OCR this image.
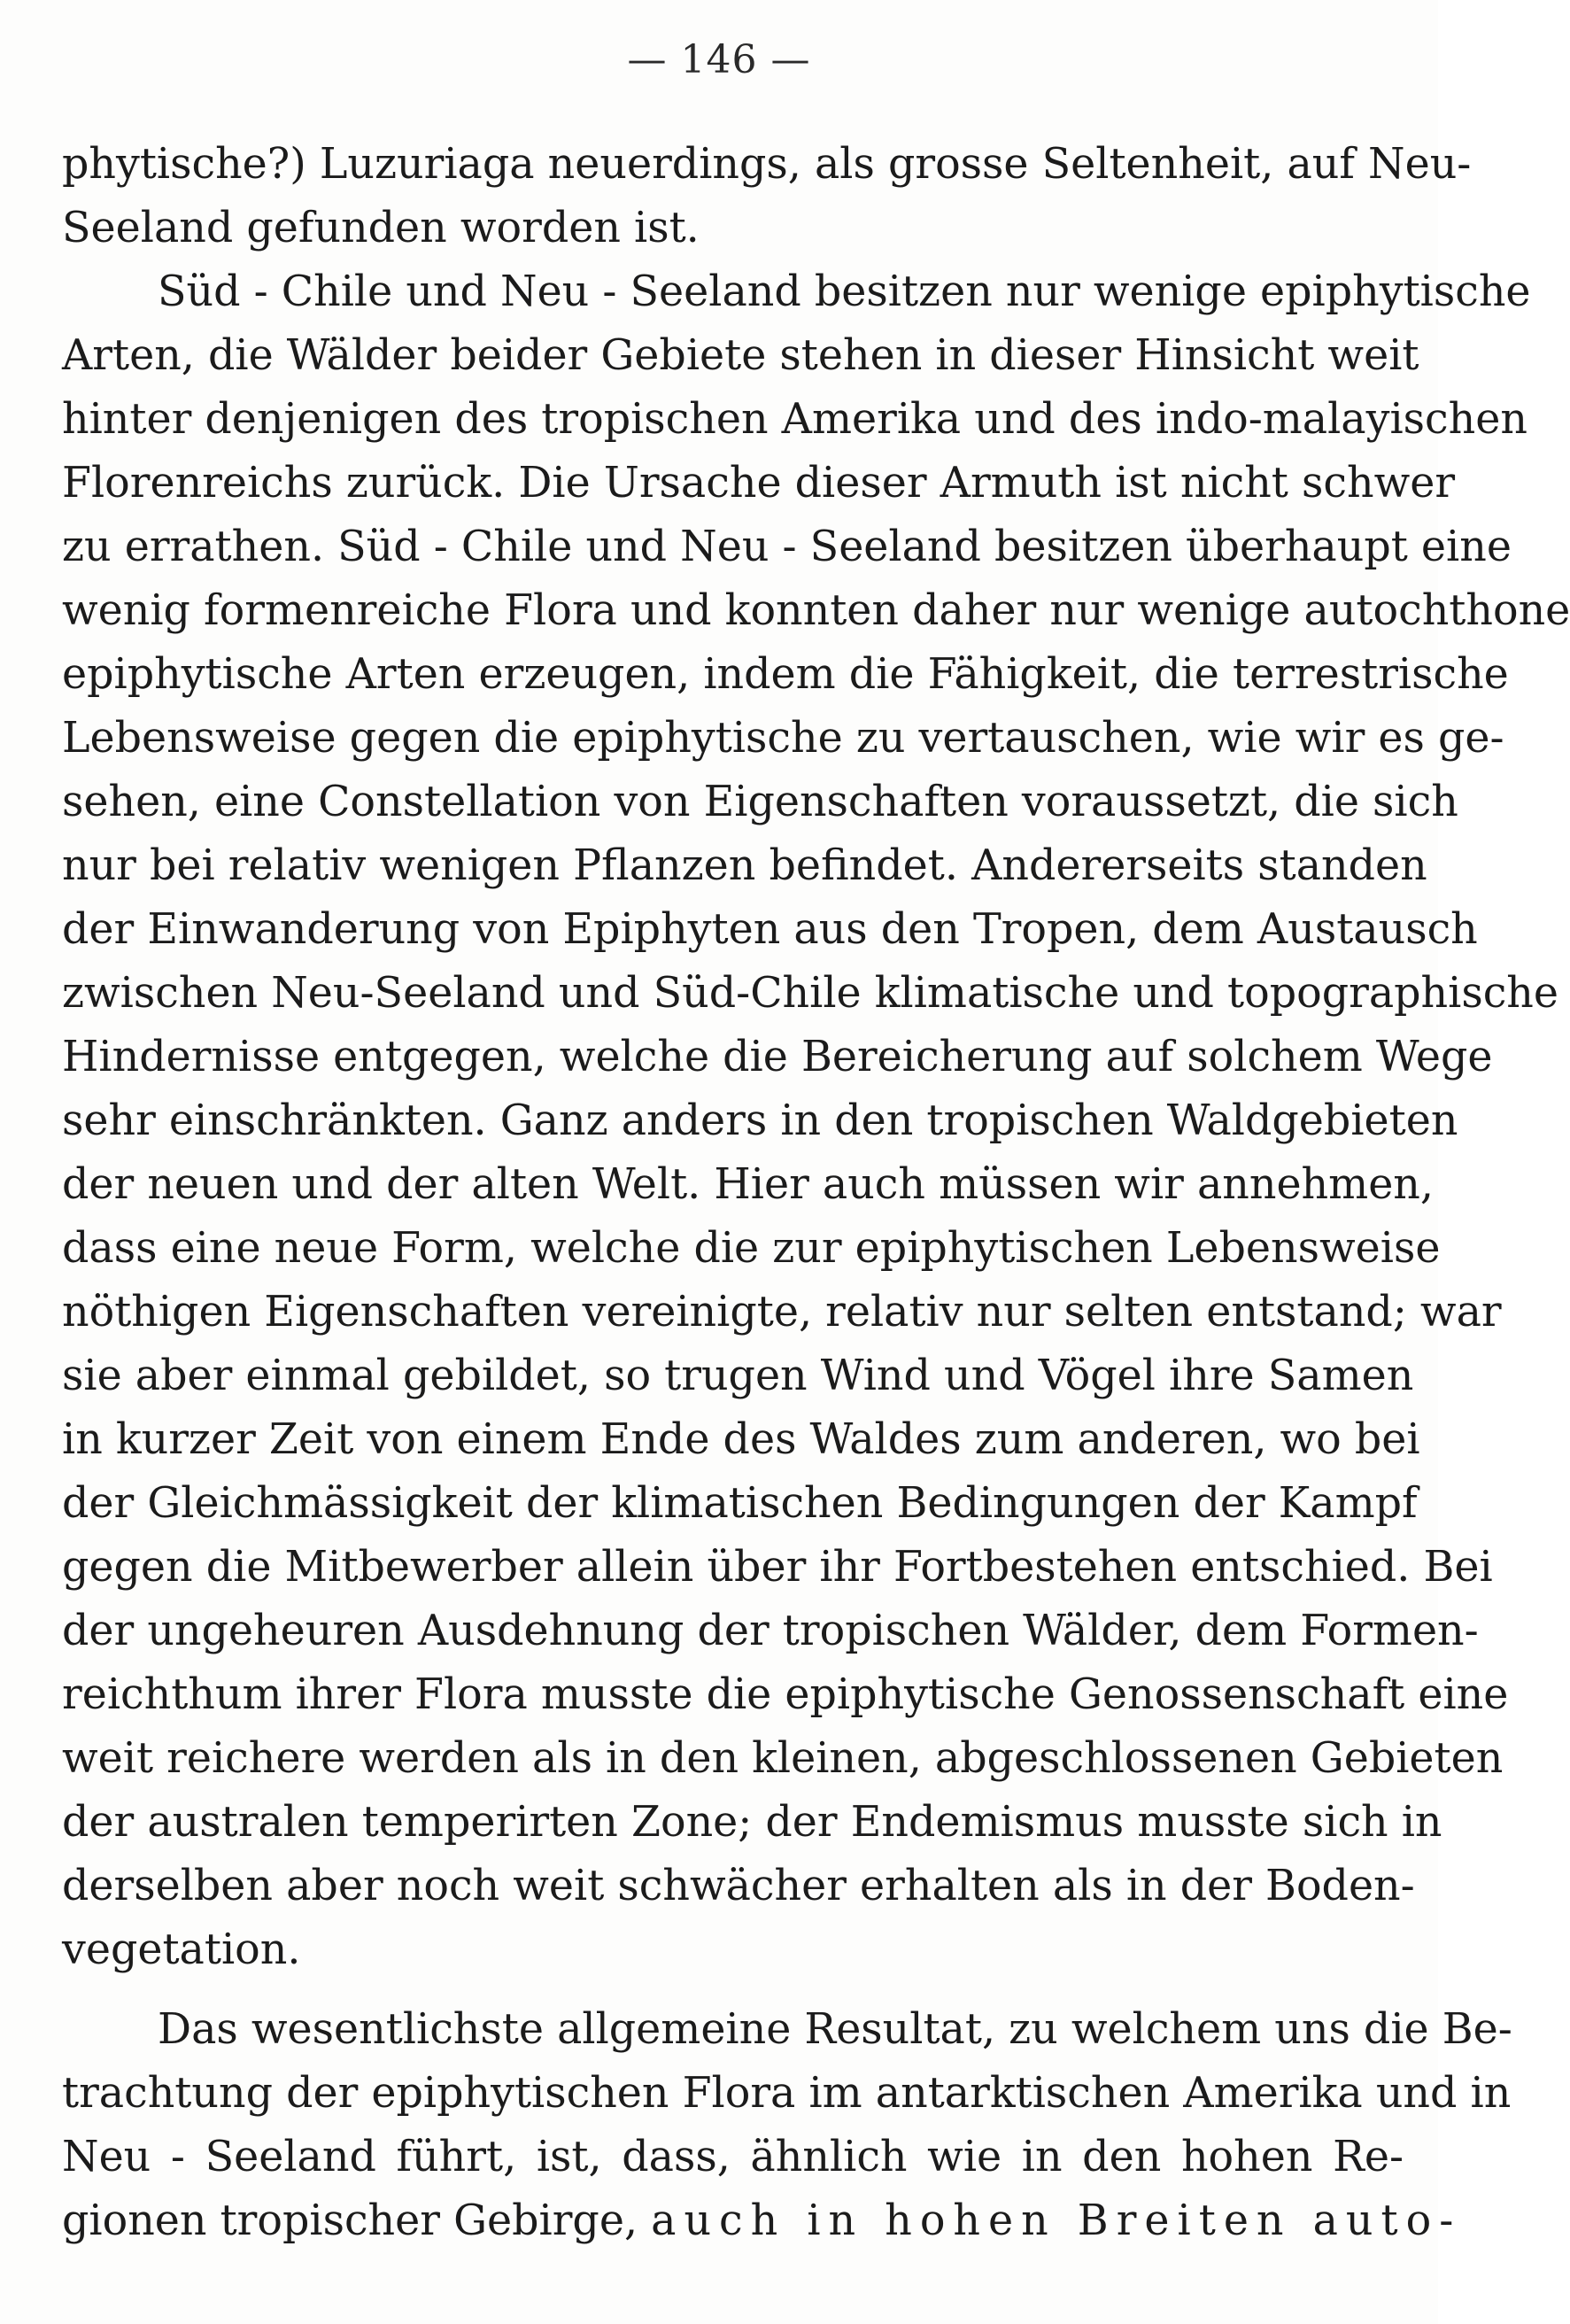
— 146 —
phytische?) Luzuriaga neuerdings, als grosse Seltenheit, auf Neu-
Seeland gefunden worden ist.
Süd - Chile und Neu - Seeland besitzen nur wenige epiphytische
Arten, die Wälder beider Gebiete stehen in dieser Hinsicht weit
hinter denjenigen des tropischen Amerika und des indo-malayischen
Florenreichs zurück. Die Ursache dieser Armuth ist nicht schwer
zu errathen. Süd - Chile und Neu - Seeland besitzen überhaupt eine
wenig formenreiche Flora und konnten daher nur wenige autochthone
epiphytische Arten erzeugen, indem die Fähigkeit, die terrestrische
Lebensweise gegen die epiphytische zu vertauschen, wie wir es ge-
sehen, eine Constellation von Eigenschaften voraussetzt, die sich
nur bei relativ wenigen Pflanzen befindet. Andererseits standen
der Einwanderung von Epiphyten aus den Tropen, dem Austausch
zwischen Neu-Seeland und Süd-Chile klimatische und topographische
Hindernisse entgegen, welche die Bereicherung auf solchem Wege
sehr einschränkten. Ganz anders in den tropischen Waldgebieten
der neuen und der alten Welt. Hier auch müssen wir annehmen,
dass eine neue Form, welche die zur epiphytischen Lebensweise
nöthigen Eigenschaften vereinigte, relativ nur selten entstand; war
sie aber einmal gebildet, so trugen Wind und Vögel ihre Samen
in kurzer Zeit von einem Ende des Waldes zum anderen, wo bei
der Gleichmässigkeit der klimatischen Bedingungen der Kampf
gegen die Mitbewerber allein über ihr Fortbestehen entschied. Bei
der ungeheuren Ausdehnung der tropischen Wälder, dem Formen-
reichthum ihrer Flora musste die epiphytische Genossenschaft eine
weit reichere werden als in den kleinen, abgeschlossenen Gebieten
der australen temperirten Zone; der Endemismus musste sich in
derselben aber noch weit schwächer erhalten als in der Boden-
vegetation.
Das wesentlichste allgemeine Resultat, zu welchem uns die Be-
trachtung der epiphytischen Flora im antarktischen Amerika und in
Neu - Seeland führt, ist, dass, ähnlich wie in den hohen Re-
gionen tropischer Gebirge, auch in hohen Breiten auto-
